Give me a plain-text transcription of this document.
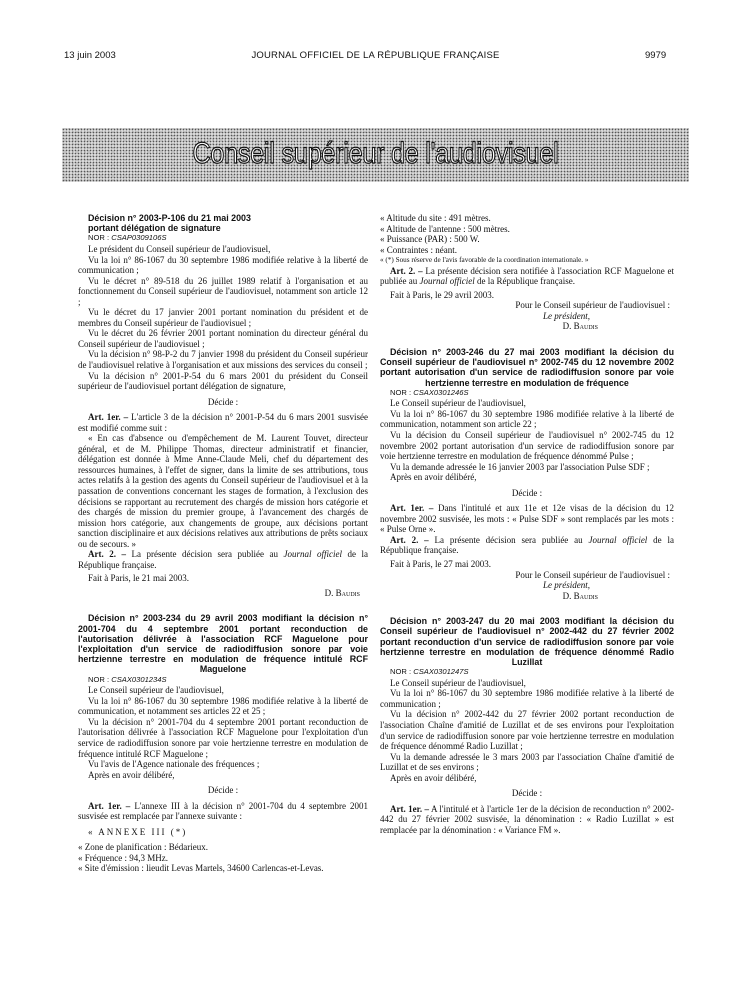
13 juin 2003	JOURNAL OFFICIEL DE LA RÉPUBLIQUE FRANÇAISE	9979
Conseil supérieur de l'audiovisuel

Décision n° 2003-P-106 du 21 mai 2003

portant délégation de signature

NOR : CSAP0309106S

Le président du Conseil supérieur de l'audiovisuel,

Vu la loi n° 86-1067 du 30 septembre 1986 modifiée relative à la liberté de communication ;

Vu le décret n° 89-518 du 26 juillet 1989 relatif à l'organisation et au fonctionnement du Conseil supérieur de l'audiovisuel, notamment son article 12 ;

Vu le décret du 17 janvier 2001 portant nomination du président et de membres du Conseil supérieur de l'audiovisuel ;

Vu le décret du 26 février 2001 portant nomination du directeur général du Conseil supérieur de l'audiovisuel ;

Vu la décision n° 98-P-2 du 7 janvier 1998 du président du Conseil supérieur de l'audiovisuel relative à l'organisation et aux missions des services du conseil ;

Vu la décision n° 2001-P-54 du 6 mars 2001 du président du Conseil supérieur de l'audiovisuel portant délégation de signature,

Décide :

Art. 1er. – L'article 3 de la décision n° 2001-P-54 du 6 mars 2001 susvisée est modifié comme suit :

« En cas d'absence ou d'empêchement de M. Laurent Touvet, directeur général, et de M. Philippe Thomas, directeur administratif et financier, délégation est donnée à Mme Anne-Claude Meli, chef du département des ressources humaines, à l'effet de signer, dans la limite de ses attributions, tous actes relatifs à la gestion des agents du Conseil supérieur de l'audiovisuel et à la passation de conventions concernant les stages de formation, à l'exclusion des décisions se rapportant au recrutement des chargés de mission hors catégorie et des chargés de mission du premier groupe, à l'avancement des chargés de mission hors catégorie, aux changements de groupe, aux décisions portant sanction disciplinaire et aux décisions relatives aux attributions de prêts sociaux ou de secours. »

Art. 2. – La présente décision sera publiée au Journal officiel de la République française.

Fait à Paris, le 21 mai 2003.

D. Baudis

Décision n° 2003-234 du 29 avril 2003 modifiant la décision n° 2001-704 du 4 septembre 2001 portant reconduction de l'autorisation délivrée à l'association RCF Maguelone pour l'exploitation d'un service de radiodiffusion sonore par voie hertzienne terrestre en modulation de fréquence intitulé RCF Maguelone

NOR : CSAX0301234S

Le Conseil supérieur de l'audiovisuel,

Vu la loi n° 86-1067 du 30 septembre 1986 modifiée relative à la liberté de communication, et notamment ses articles 22 et 25 ;

Vu la décision n° 2001-704 du 4 septembre 2001 portant reconduction de l'autorisation délivrée à l'association RCF Maguelone pour l'exploitation d'un service de radiodiffusion sonore par voie hertzienne terrestre en modulation de fréquence intitulé RCF Maguelone ;

Vu l'avis de l'Agence nationale des fréquences ;

Après en avoir délibéré,

Décide :

Art. 1er. – L'annexe III à la décision n° 2001-704 du 4 septembre 2001 susvisée est remplacée par l'annexe suivante :

« ANNEXE III (*)

« Zone de planification : Bédarieux.

« Fréquence : 94,3 MHz.

« Site d'émission : lieudit Levas Martels, 34600 Carlencas-et-Levas.

« Altitude du site : 491 mètres.

« Altitude de l'antenne : 500 mètres.

« Puissance (PAR) : 500 W.

« Contraintes : néant.

« (*) Sous réserve de l'avis favorable de la coordination internationale. »

Art. 2. – La présente décision sera notifiée à l'association RCF Maguelone et publiée au Journal officiel de la République française.

Fait à Paris, le 29 avril 2003.

Pour le Conseil supérieur de l'audiovisuel :

Le président,

D. Baudis

Décision n° 2003-246 du 27 mai 2003 modifiant la décision du Conseil supérieur de l'audiovisuel n° 2002-745 du 12 novembre 2002 portant autorisation d'un service de radiodiffusion sonore par voie hertzienne terrestre en modulation de fréquence

NOR : CSAX0301246S

Le Conseil supérieur de l'audiovisuel,

Vu la loi n° 86-1067 du 30 septembre 1986 modifiée relative à la liberté de communication, notamment son article 22 ;

Vu la décision du Conseil supérieur de l'audiovisuel n° 2002-745 du 12 novembre 2002 portant autorisation d'un service de radiodiffusion sonore par voie hertzienne terrestre en modulation de fréquence dénommé Pulse ;

Vu la demande adressée le 16 janvier 2003 par l'association Pulse SDF ;

Après en avoir délibéré,

Décide :

Art. 1er. – Dans l'intitulé et aux 11e et 12e visas de la décision du 12 novembre 2002 susvisée, les mots : « Pulse SDF » sont remplacés par les mots : « Pulse Orne ».

Art. 2. – La présente décision sera publiée au Journal officiel de la République française.

Fait à Paris, le 27 mai 2003.

Pour le Conseil supérieur de l'audiovisuel :

Le président,

D. Baudis

Décision n° 2003-247 du 20 mai 2003 modifiant la décision du Conseil supérieur de l'audiovisuel n° 2002-442 du 27 février 2002 portant reconduction d'un service de radiodiffusion sonore par voie hertzienne terrestre en modulation de fréquence dénommé Radio Luzillat

NOR : CSAX0301247S

Le Conseil supérieur de l'audiovisuel,

Vu la loi n° 86-1067 du 30 septembre 1986 modifiée relative à la liberté de communication ;

Vu la décision n° 2002-442 du 27 février 2002 portant reconduction de l'association Chaîne d'amitié de Luzillat et de ses environs pour l'exploitation d'un service de radiodiffusion sonore par voie hertzienne terrestre en modulation de fréquence dénommé Radio Luzillat ;

Vu la demande adressée le 3 mars 2003 par l'association Chaîne d'amitié de Luzillat et de ses environs ;

Après en avoir délibéré,

Décide :

Art. 1er. – A l'intitulé et à l'article 1er de la décision de reconduction n° 2002-442 du 27 février 2002 susvisée, la dénomination : « Radio Luzillat » est remplacée par la dénomination : « Variance FM ».
